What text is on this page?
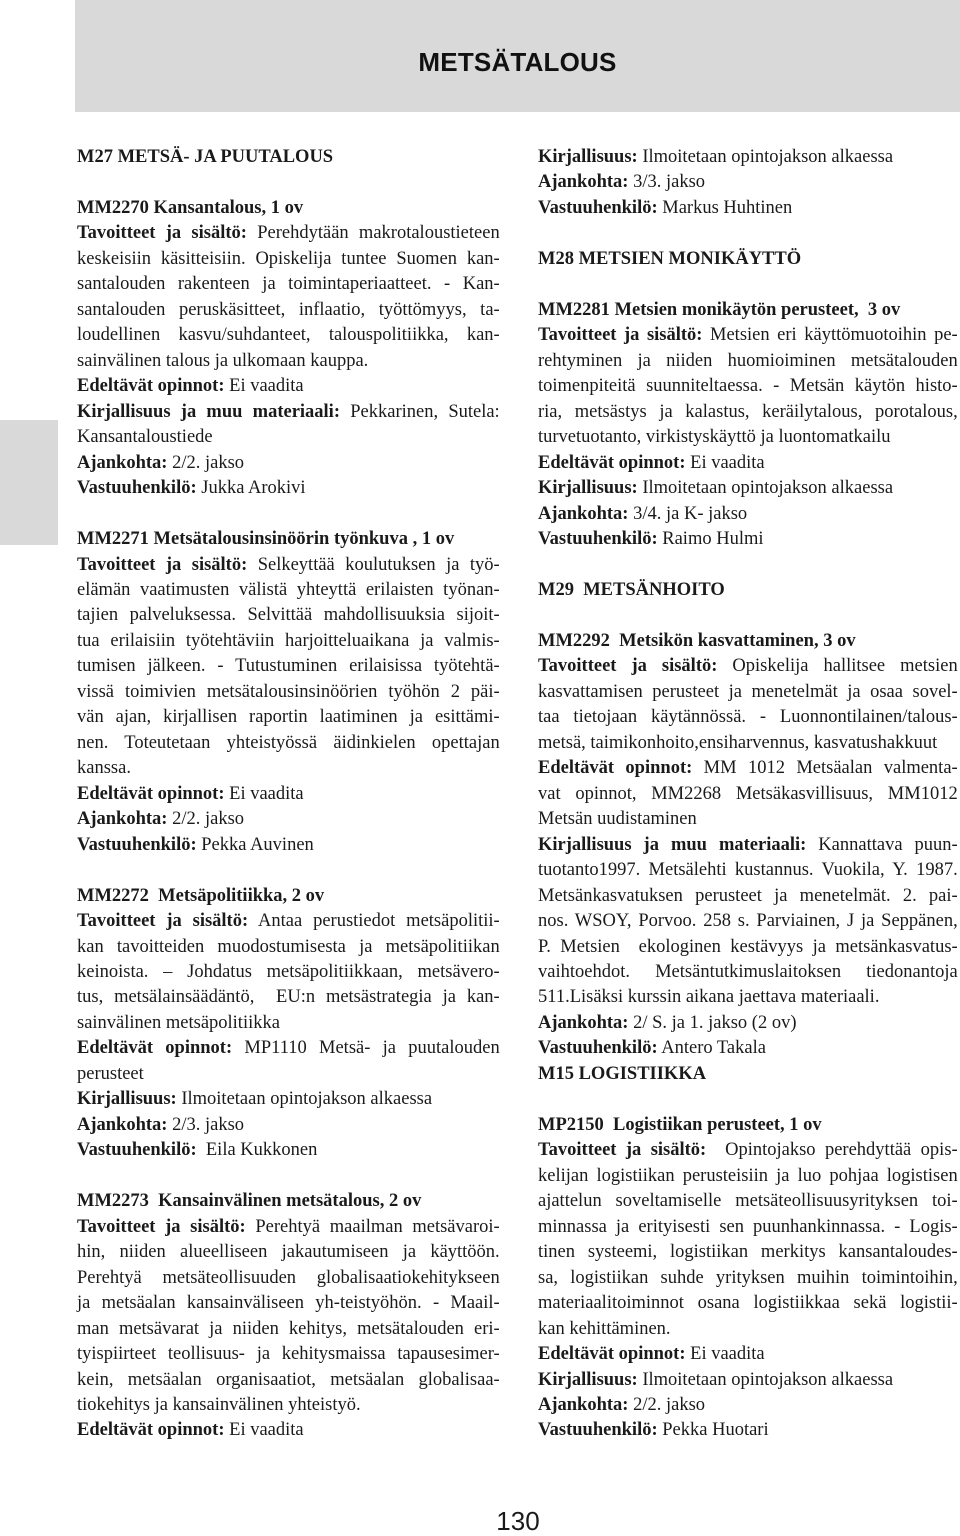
METSÄTALOUS
M27 METSÄ- JA PUUTALOUS
MM2270 Kansantalous, 1 ov
Tavoitteet ja sisältö: Perehdytään makrotaloustieteen
keskeisiin käsitteisiin. Opiskelija tuntee Suomen kan-
santalouden rakenteen ja toimintaperiaatteet. - Kan-
santalouden peruskäsitteet, inflaatio, työttömyys, ta-
loudellinen kasvu/suhdanteet, talouspolitiikka, kan-
sainvälinen talous ja ulkomaan kauppa.
Edeltävät opinnot: Ei vaadita
Kirjallisuus ja muu materiaali: Pekkarinen, Sutela:
Kansantaloustiede
Ajankohta: 2/2. jakso
Vastuuhenkilö: Jukka Arokivi
MM2271 Metsätalousinsinöörin työnkuva , 1 ov
Tavoitteet ja sisältö: Selkeyttää koulutuksen ja työ-
elämän vaatimusten välistä yhteyttä erilaisten työnan-
tajien palveluksessa. Selvittää mahdollisuuksia sijoit-
tua erilaisiin työtehtäviin harjoitteluaikana ja valmis-
tumisen jälkeen. - Tutustuminen erilaisissa työtehtä-
vissä toimivien metsätalousinsinöörien työhön 2 päi-
vän ajan, kirjallisen raportin laatiminen ja esittämi-
nen. Toteutetaan yhteistyössä äidinkielen opettajan
kanssa.
Edeltävät opinnot: Ei vaadita
Ajankohta: 2/2. jakso
Vastuuhenkilö: Pekka Auvinen
MM2272  Metsäpolitiikka, 2 ov
Tavoitteet ja sisältö: Antaa perustiedot metsäpolitii-
kan tavoitteiden muodostumisesta ja metsäpolitiikan
keinoista. – Johdatus metsäpolitiikkaan, metsävero-
tus, metsälainsäädäntö,  EU:n metsästrategia ja kan-
sainvälinen metsäpolitiikka
Edeltävät opinnot: MP1110 Metsä- ja puutalouden
perusteet
Kirjallisuus: Ilmoitetaan opintojakson alkaessa
Ajankohta: 2/3. jakso
Vastuuhenkilö:  Eila Kukkonen
MM2273  Kansainvälinen metsätalous, 2 ov
Tavoitteet ja sisältö: Perehtyä maailman metsävaroi-
hin, niiden alueelliseen jakautumiseen ja käyttöön.
Perehtyä metsäteollisuuden globalisaatiokehitykseen
ja metsäalan kansainväliseen yh-teistyöhön. - Maail-
man metsävarat ja niiden kehitys, metsätalouden eri-
tyispiirteet teollisuus- ja kehitysmaissa tapausesimer-
kein, metsäalan organisaatiot, metsäalan globalisaa-
tiokehitys ja kansainvälinen yhteistyö.
Edeltävät opinnot: Ei vaadita
Kirjallisuus: Ilmoitetaan opintojakson alkaessa
Ajankohta: 3/3. jakso
Vastuuhenkilö: Markus Huhtinen
M28 METSIEN MONIKÄYTTÖ
MM2281 Metsien monikäytön perusteet,  3 ov
Tavoitteet ja sisältö: Metsien eri käyttömuotoihin pe-
rehtyminen ja niiden huomioiminen metsätalouden
toimenpiteitä suunniteltaessa. - Metsän käytön histo-
ria, metsästys ja kalastus, keräilytalous, porotalous,
turvetuotanto, virkistyskäyttö ja luontomatkailu
Edeltävät opinnot: Ei vaadita
Kirjallisuus: Ilmoitetaan opintojakson alkaessa
Ajankohta: 3/4. ja K- jakso
Vastuuhenkilö: Raimo Hulmi
M29  METSÄNHOITO
MM2292  Metsikön kasvattaminen, 3 ov
Tavoitteet ja sisältö: Opiskelija hallitsee metsien
kasvattamisen perusteet ja menetelmät ja osaa sovel-
taa tietojaan käytännössä. - Luonnontilainen/talous-
metsä, taimikonhoito,ensiharvennus, kasvatushakkuut
Edeltävät opinnot: MM 1012 Metsäalan valmenta-
vat opinnot, MM2268 Metsäkasvillisuus, MM1012
Metsän uudistaminen
Kirjallisuus ja muu materiaali: Kannattava puun-
tuotanto1997. Metsälehti kustannus. Vuokila, Y. 1987.
Metsänkasvatuksen perusteet ja menetelmät. 2. pai-
nos. WSOY, Porvoo. 258 s. Parviainen, J ja Seppänen,
P. Metsien  ekologinen kestävyys ja metsänkasvatus-
vaihtoehdot.  Metsäntutkimuslaitoksen  tiedonantoja
511.Lisäksi kurssin aikana jaettava materiaali.
Ajankohta: 2/ S. ja 1. jakso (2 ov)
Vastuuhenkilö: Antero Takala
M15 LOGISTIIKKA
MP2150  Logistiikan perusteet, 1 ov
Tavoitteet ja sisältö:  Opintojakso perehdyttää opis-
kelijan logistiikan perusteisiin ja luo pohjaa logistisen
ajattelun soveltamiselle metsäteollisuusyrityksen toi-
minnassa ja erityisesti sen puunhankinnassa. - Logis-
tinen systeemi, logistiikan merkitys kansantaloudes-
sa, logistiikan suhde yrityksen muihin toimintoihin,
materiaalitoiminnot osana logistiikkaa sekä logistii-
kan kehittäminen.
Edeltävät opinnot: Ei vaadita
Kirjallisuus: Ilmoitetaan opintojakson alkaessa
Ajankohta: 2/2. jakso
Vastuuhenkilö: Pekka Huotari
130
